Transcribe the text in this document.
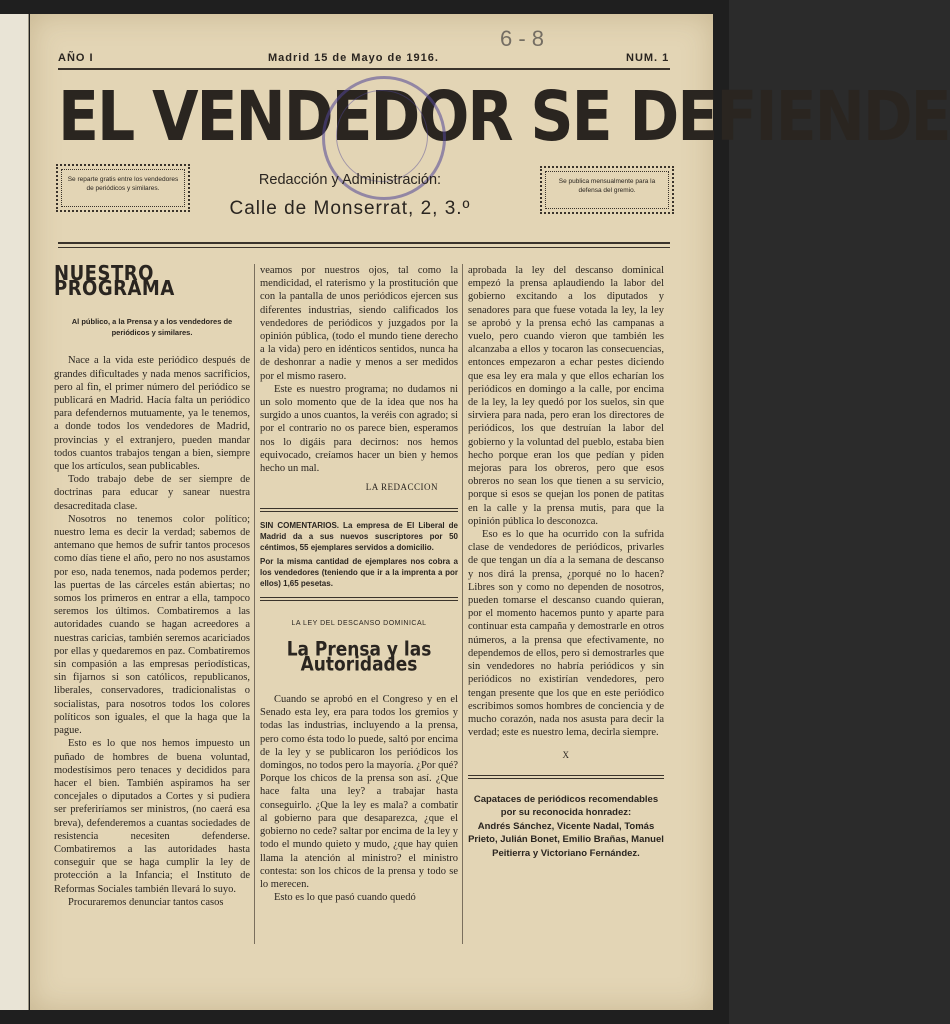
AÑO I	Madrid 15 de Mayo de 1916.	NUM. 1
6 - 8
EL VENDEDOR SE DEFIENDE
Se reparte gratis entre los vendedores de periódicos y similares.
Se publica mensualmente para la defensa del gremio.
Redacción y Administración:
Calle de Monserrat, 2, 3.º
NUESTRO PROGRAMA
Al público, a la Prensa y a los vendedores de periódicos y similares.

Nace a la vida este periódico después de grandes dificultades y nada menos sacrificios, pero al fin, el primer número del periódico se publicará en Madrid. Hacía falta un periódico para defendernos mutuamente, ya le tenemos, a donde todos los vendedores de Madrid, provincias y el extranjero, pueden mandar todos cuantos trabajos tengan a bien, siempre que los artículos, sean publicables.

Todo trabajo debe de ser siempre de doctrinas para educar y sanear nuestra desacreditada clase.

Nosotros no tenemos color político; nuestro lema es decir la verdad; sabemos de antemano que hemos de sufrir tantos procesos como días tiene el año, pero no nos asustamos por eso, nada tenemos, nada podemos perder; las puertas de las cárceles están abiertas; no somos los primeros en entrar a ella, tampoco seremos los últimos. Combatiremos a las autoridades cuando se hagan acreedores a nuestras caricias, también seremos acariciados por ellas y quedaremos en paz. Combatiremos sin compasión a las empresas periodísticas, sin fijarnos si son católicos, republicanos, liberales, conservadores, tradicionalistas o socialistas, para nosotros todos los colores políticos son iguales, el que la haga que la pague.

Esto es lo que nos hemos impuesto un puñado de hombres de buena voluntad, modestísimos pero tenaces y decididos para hacer el bien. También aspiramos ha ser concejales o diputados a Cortes y si pudiera ser preferiríamos ser ministros, (no caerá esa breva), defenderemos a cuantas sociedades de resistencia necesiten defenderse. Combatiremos a las autoridades hasta conseguir que se haga cumplir la ley de protección a la Infancia; el Instituto de Reformas Sociales también llevará lo suyo.

Procuraremos denunciar tantos casos

veamos por nuestros ojos, tal como la mendicidad, el raterismo y la prostitución que con la pantalla de unos periódicos ejercen sus diferentes industrias, siendo calificados los vendedores de periódicos y juzgados por la opinión pública, (todo el mundo tiene derecho a la vida) pero en idénticos sentidos, nunca ha de deshonrar a nadie y menos a ser medidos por el mismo rasero.

Este es nuestro programa; no dudamos ni un solo momento que de la idea que nos ha surgido a unos cuantos, la veréis con agrado; si por el contrario no os parece bien, esperamos nos lo digáis para decirnos: nos hemos equivocado, creíamos hacer un bien y hemos hecho un mal.

LA REDACCION
SIN COMENTARIOS. La empresa de El Liberal de Madrid da a sus nuevos suscriptores por 50 céntimos, 55 ejemplares servidos a domicilio.
Por la misma cantidad de ejemplares nos cobra a los vendedores (teniendo que ir a la imprenta a por ellos) 1,65 pesetas.
LA LEY DEL DESCANSO DOMINICAL
La Prensa y las Autoridades

Cuando se aprobó en el Congreso y en el Senado esta ley, era para todos los gremios y todas las industrias, incluyendo a la prensa, pero como ésta todo lo puede, saltó por encima de la ley y se publicaron los periódicos los domingos, no todos pero la mayoría. ¿Por qué? Porque los chicos de la prensa son así. ¿Que hace falta una ley? a trabajar hasta conseguirlo. ¿Que la ley es mala? a combatir al gobierno para que desaparezca, ¿que el gobierno no cede? saltar por encima de la ley y todo el mundo quieto y mudo, ¿que hay quien llama la atención al ministro? el ministro contesta: son los chicos de la prensa y todo se lo merecen.

Esto es lo que pasó cuando quedó

aprobada la ley del descanso dominical empezó la prensa aplaudiendo la labor del gobierno excitando a los diputados y senadores para que fuese votada la ley, la ley se aprobó y la prensa echó las campanas a vuelo, pero cuando vieron que también les alcanzaba a ellos y tocaron las consecuencias, entonces empezaron a echar pestes diciendo que esa ley era mala y que ellos echarían los periódicos en domingo a la calle, por encima de la ley, la ley quedó por los suelos, sin que sirviera para nada, pero eran los directores de periódicos, los que destruían la labor del gobierno y la voluntad del pueblo, estaba bien hecho porque eran los que pedían y piden mejoras para los obreros, pero que esos obreros no sean los que tienen a su servicio, porque si esos se quejan los ponen de patitas en la calle y la prensa mutis, para que la opinión pública lo desconozca.

Eso es lo que ha ocurrido con la sufrida clase de vendedores de periódicos, privarles de que tengan un día a la semana de descanso y nos dirá la prensa, ¿porqué no lo hacen? Libres son y como no dependen de nosotros, pueden tomarse el descanso cuando quieran, por el momento hacemos punto y aparte para continuar esta campaña y demostrarle en otros números, a la prensa que efectivamente, no dependemos de ellos, pero si demostrarles que sin vendedores no habría periódicos y sin periódicos no existirían vendedores, pero tengan presente que los que en este periódico escribimos somos hombres de conciencia y de mucho corazón, nada nos asusta para decir la verdad; este es nuestro lema, decirla siempre.

X
Capataces de periódicos recomendables por su reconocida honradez:
Andrés Sánchez, Vicente Nadal, Tomás Prieto, Julián Bonet, Emilio Brañas, Manuel Peitierra y Victoriano Fernández.
